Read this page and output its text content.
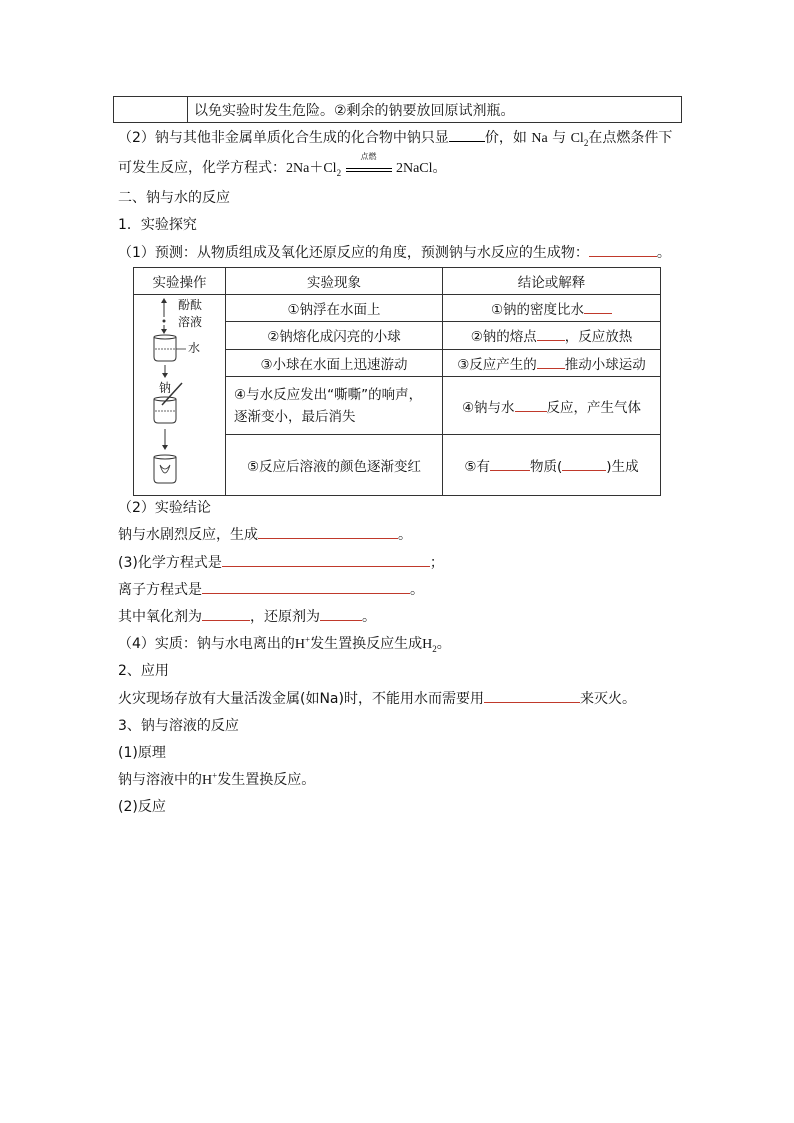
以免实验时发生危险。②剩余的钠要放回原试剂瓶。
（2）钠与其他非金属单质化合生成的化合物中钠只显	价，如 Na 与 $Cl_2$在点燃条件下
可发生反应，化学方程式：$2Na+Cl_2$
点燃
2NaCl。
二、钠与水的反应
1．实验探究
（1）预测：从物质组成及氧化还原反应的角度，预测钠与水反应的生成物：	。
实验操作	实验现象	结论或解释

酚酞
溶液
水
钠	①钠浮在水面上	①钠的密度比水
	②钠熔化成闪亮的小球	②钠的熔点 ，反应放热
	③小球在水面上迅速游动	③反应产生的 推动小球运动
	④与水反应发出“嘶嘶”的响声，
逐渐变小，最后消失	④钠与水 反应，产生气体
	⑤反应后溶液的颜色逐渐变红	⑤有 物质( )生成
（2）实验结论
钠与水剧烈反应，生成	。
(3)化学方程式是	；
离子方程式是	。
其中氧化剂为	，还原剂为	。
（4）实质：钠与水电离出的H+发生置换反应生成$H_2$。
2、应用
火灾现场存放有大量活泼金属(如Na)时，不能用水而需要用	来灭火。
3、钠与溶液的反应
(1)原理
钠与溶液中的H+发生置换反应。
(2)反应
